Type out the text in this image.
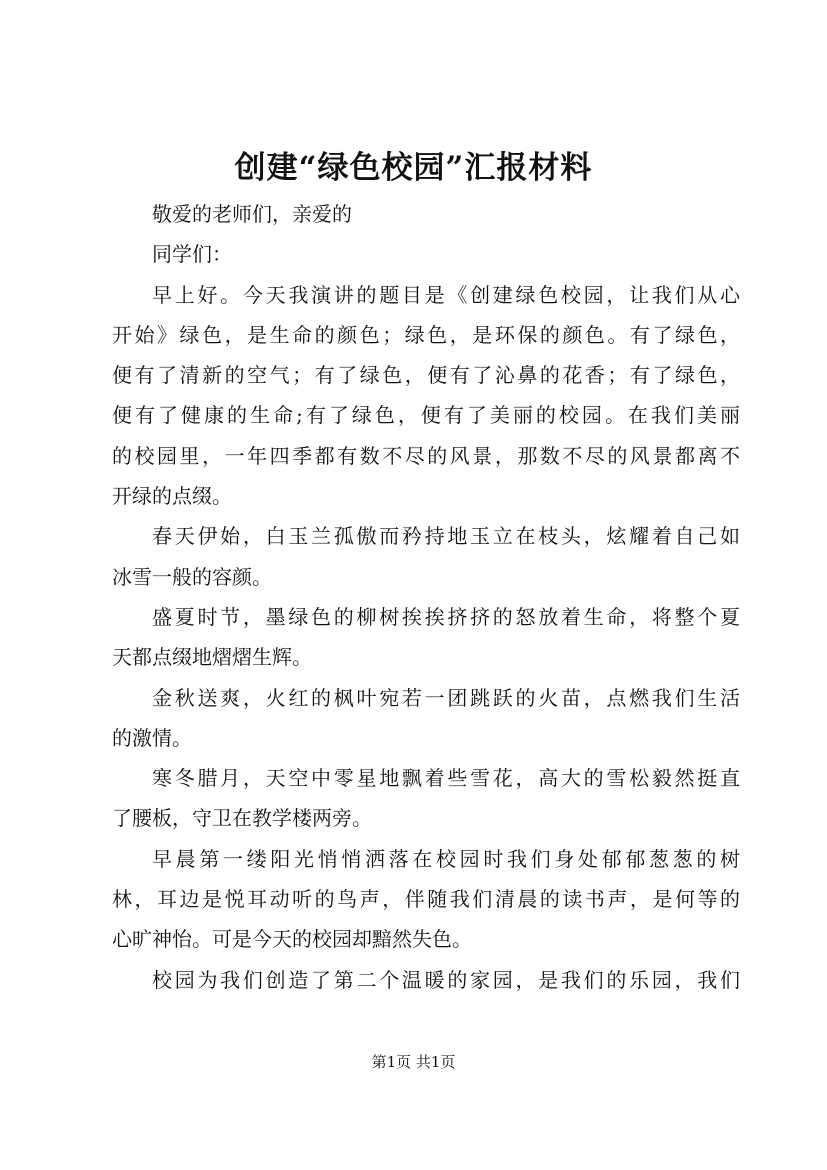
创建“绿色校园”汇报材料
敬爱的老师们，亲爱的
同学们：
早上好。今天我演讲的题目是《创建绿色校园，让我们从心
开始》绿色，是生命的颜色；绿色，是环保的颜色。有了绿色，
便有了清新的空气；有了绿色，便有了沁鼻的花香；有了绿色，
便有了健康的生命;有了绿色，便有了美丽的校园。在我们美丽
的校园里，一年四季都有数不尽的风景，那数不尽的风景都离不
开绿的点缀。
春天伊始，白玉兰孤傲而矜持地玉立在枝头，炫耀着自己如
冰雪一般的容颜。
盛夏时节，墨绿色的柳树挨挨挤挤的怒放着生命，将整个夏
天都点缀地熠熠生辉。
金秋送爽，火红的枫叶宛若一团跳跃的火苗，点燃我们生活
的激情。
寒冬腊月，天空中零星地飘着些雪花，高大的雪松毅然挺直
了腰板，守卫在教学楼两旁。
早晨第一缕阳光悄悄洒落在校园时我们身处郁郁葱葱的树
林，耳边是悦耳动听的鸟声，伴随我们清晨的读书声，是何等的
心旷神怡。可是今天的校园却黯然失色。
校园为我们创造了第二个温暖的家园，是我们的乐园，我们
第1页 共1页
